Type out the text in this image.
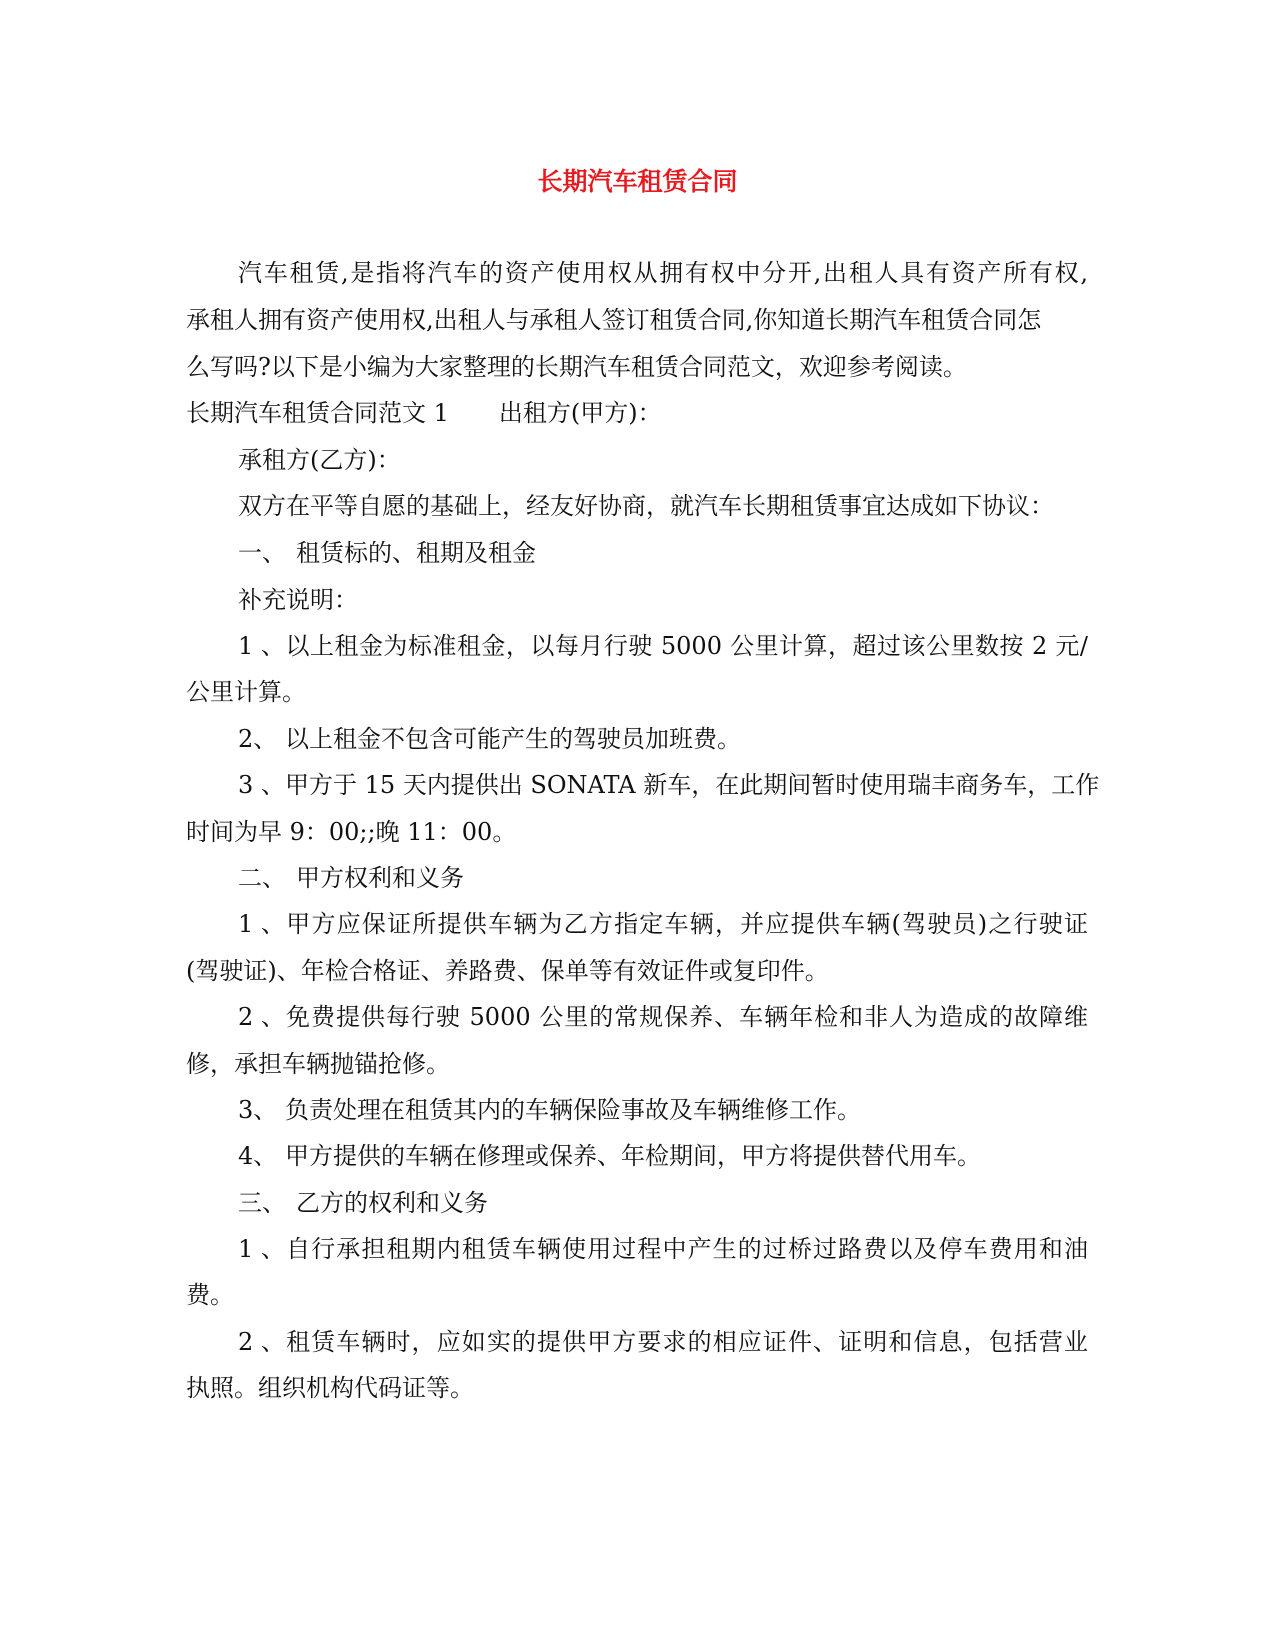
长期汽车租赁合同
汽车租赁,是指将汽车的资产使用权从拥有权中分开,出租人具有资产所有权,
承租人拥有资产使用权,出租人与承租人签订租赁合同,你知道长期汽车租赁合同怎
么写吗?以下是小编为大家整理的长期汽车租赁合同范文，欢迎参考阅读。
长期汽车租赁合同范文 1 出租方(甲方)：
承租方(乙方)：
双方在平等自愿的基础上，经友好协商，就汽车长期租赁事宜达成如下协议：
一、 租赁标的、租期及租金
补充说明：
1、以上租金为标准租金，以每月行驶 5000 公里计算，超过该公里数按 2 元/
公里计算。
2、 以上租金不包含可能产生的驾驶员加班费。
3、甲方于 15 天内提供出 SONATA 新车，在此期间暂时使用瑞丰商务车，工作
时间为早 9：00;;晚 11：00。
二、 甲方权利和义务
1、甲方应保证所提供车辆为乙方指定车辆，并应提供车辆(驾驶员)之行驶证
(驾驶证)、年检合格证、养路费、保单等有效证件或复印件。
2、免费提供每行驶 5000 公里的常规保养、车辆年检和非人为造成的故障维
修，承担车辆抛锚抢修。
3、 负责处理在租赁其内的车辆保险事故及车辆维修工作。
4、 甲方提供的车辆在修理或保养、年检期间，甲方将提供替代用车。
三、 乙方的权利和义务
1、自行承担租期内租赁车辆使用过程中产生的过桥过路费以及停车费用和油
费。
2、租赁车辆时，应如实的提供甲方要求的相应证件、证明和信息，包括营业
执照。组织机构代码证等。
